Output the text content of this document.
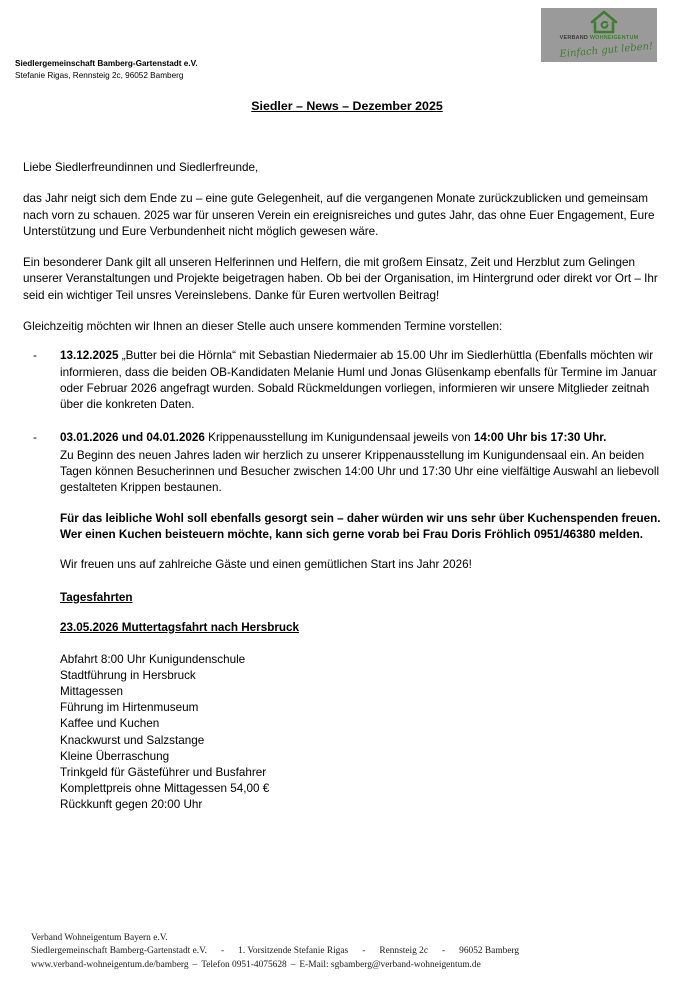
VERBAND WOHNEIGENTUM
Einfach gut leben!
Siedlergemeinschaft Bamberg-Gartenstadt e.V.
Stefanie Rigas, Rennsteig 2c, 96052 Bamberg
Siedler – News – Dezember 2025

Liebe Siedlerfreundinnen und Siedlerfreunde,

das Jahr neigt sich dem Ende zu – eine gute Gelegenheit, auf die vergangenen Monate zurückzublicken und gemeinsam nach vorn zu schauen. 2025 war für unseren Verein ein ereignisreiches und gutes Jahr, das ohne Euer Engagement, Eure Unterstützung und Eure Verbundenheit nicht möglich gewesen wäre.

Ein besonderer Dank gilt all unseren Helferinnen und Helfern, die mit großem Einsatz, Zeit und Herzblut zum Gelingen unserer Veranstaltungen und Projekte beigetragen haben. Ob bei der Organisation, im Hintergrund oder direkt vor Ort – Ihr seid ein wichtiger Teil unsres Vereinslebens. Danke für Euren wertvollen Beitrag!

Gleichzeitig möchten wir Ihnen an dieser Stelle auch unsere kommenden Termine vorstellen:

- 13.12.2025 „Butter bei die Hörnla“ mit Sebastian Niedermaier ab 15.00 Uhr im Siedlerhüttla (Ebenfalls möchten wir informieren, dass die beiden OB-Kandidaten Melanie Huml und Jonas Glüsenkamp ebenfalls für Termine im Januar oder Februar 2026 angefragt wurden. Sobald Rückmeldungen vorliegen, informieren wir unsere Mitglieder zeitnah über die konkreten Daten.
- 03.01.2026 und 04.01.2026 Krippenausstellung im Kunigundensaal jeweils von 14:00 Uhr bis 17:30 Uhr.

Zu Beginn des neuen Jahres laden wir herzlich zu unserer Krippenausstellung im Kunigundensaal ein. An beiden Tagen können Besucherinnen und Besucher zwischen 14:00 Uhr und 17:30 Uhr eine vielfältige Auswahl an liebevoll gestalteten Krippen bestaunen.

Für das leibliche Wohl soll ebenfalls gesorgt sein – daher würden wir uns sehr über Kuchenspenden freuen. Wer einen Kuchen beisteuern möchte, kann sich gerne vorab bei Frau Doris Fröhlich 0951/46380 melden.

Wir freuen uns auf zahlreiche Gäste und einen gemütlichen Start ins Jahr 2026!

Tagesfahrten
23.05.2026 Muttertagsfahrt nach Hersbruck
Abfahrt 8:00 Uhr Kunigundenschule
Stadtführung in Hersbruck
Mittagessen
Führung im Hirtenmuseum
Kaffee und Kuchen
Knackwurst und Salzstange
Kleine Überraschung
Trinkgeld für Gästeführer und Busfahrer
Komplettpreis ohne Mittagessen 54,00 €
Rückkunft gegen 20:00 Uhr
Verband Wohneigentum Bayern e.V.
Siedlergemeinschaft Bamberg-Gartenstadt e.V. - 1. Vorsitzende Stefanie Rigas - Rennsteig 2c - 96052 Bamberg
www.verband-wohneigentum.de/bamberg – Telefon 0951-4075628 – E-Mail: sgbamberg@verband-wohneigentum.de
